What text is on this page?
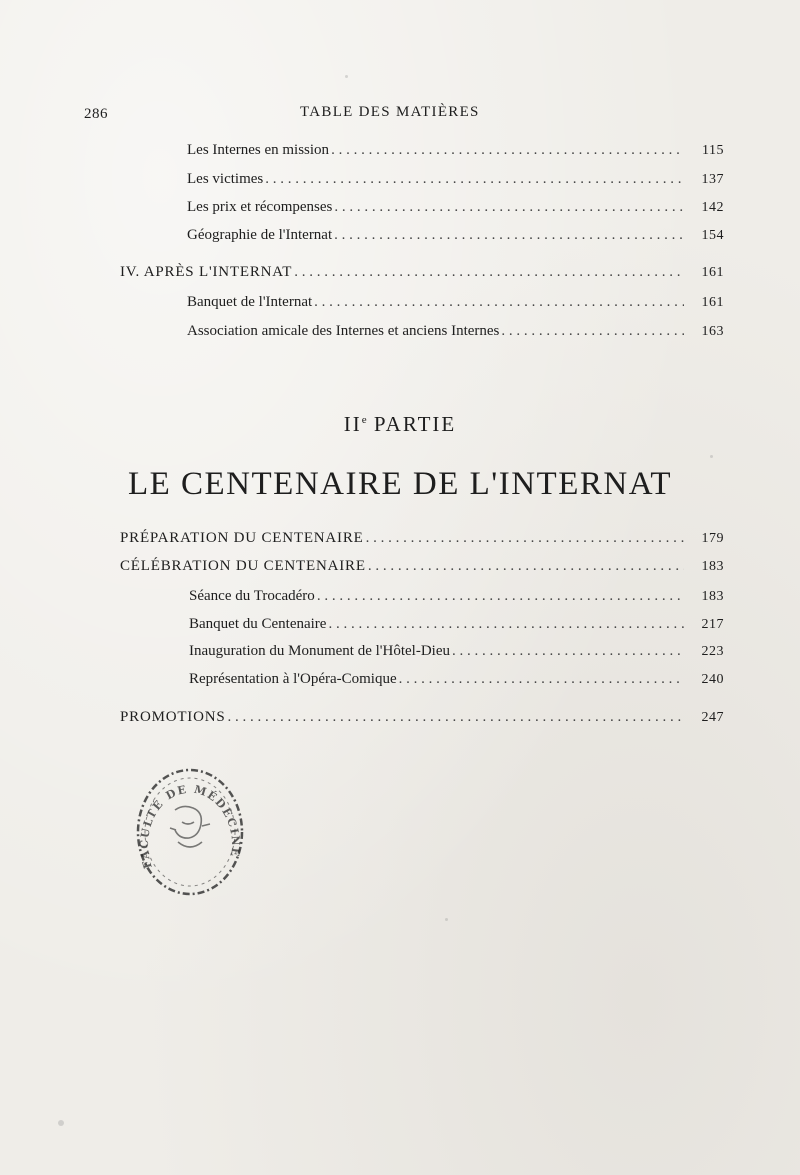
286	TABLE DES MATIÈRES
Les Internes en mission . . .	115
Les victimes . . .	137
Les prix et récompenses . . .	142
Géographie de l'Internat . . .	154
IV. APRÈS L'INTERNAT . . .	161
Banquet de l'Internat . . .	161
Association amicale des Internes et anciens Internes . . .	163
IIe PARTIE
LE CENTENAIRE DE L'INTERNAT
PRÉPARATION DU CENTENAIRE . . .	179
CÉLÉBRATION DU CENTENAIRE . . .	183
Séance du Trocadéro . . .	183
Banquet du Centenaire . . .	217
Inauguration du Monument de l'Hôtel-Dieu . . .	223
Représentation à l'Opéra-Comique . . .	240
PROMOTIONS . . .	247
FACULTÉ DE MÉDECINE
